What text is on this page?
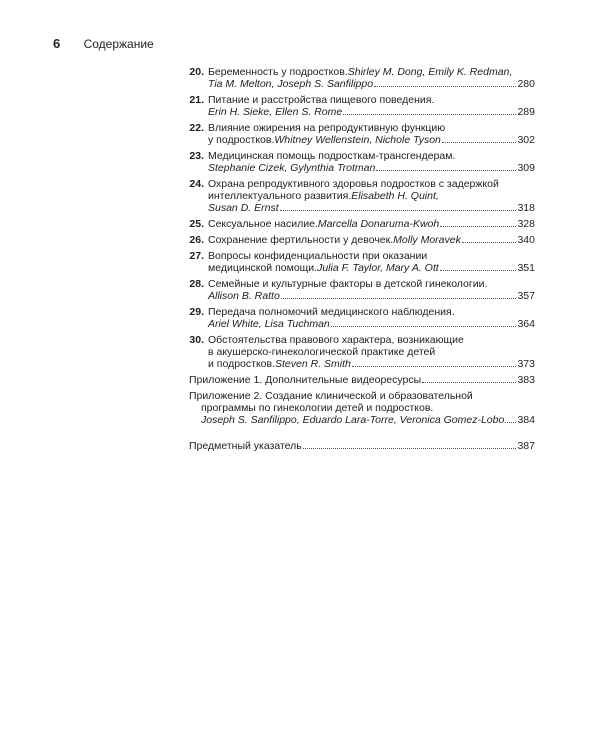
6 Содержание
20. Беременность у подростков. Shirley M. Dong, Emily K. Redman,
Tia M. Melton, Joseph S. Sanfilippo	280
21. Питание и расстройства пищевого поведения.
Erin H. Sieke, Ellen S. Rome	289
22. Влияние ожирения на репродуктивную функцию
у подростков. Whitney Wellenstein, Nichole Tyson	302
23. Медицинская помощь подросткам-трансгендерам.
Stephanie Cizek, Gylynthia Trotman	309
24. Охрана репродуктивного здоровья подростков с задержкой
интеллектуального развития. Elisabeth H. Quint,
Susan D. Ernst	318
25. Сексуальное насилие. Marcella Donaruma-Kwoh	328
26. Сохранение фертильности у девочек. Molly Moravek	340
27. Вопросы конфиденциальности при оказании
медицинской помощи. Julia F. Taylor, Mary A. Ott	351
28. Семейные и культурные факторы в детской гинекологии.
Allison B. Ratto	357
29. Передача полномочий медицинского наблюдения.
Ariel White, Lisa Tuchman	364
30. Обстоятельства правового характера, возникающие
в акушерско-гинекологической практике детей
и подростков. Steven R. Smith	373
Приложение 1. Дополнительные видеоресурсы	383
Приложение 2. Создание клинической и образовательной
программы по гинекологии детей и подростков.
Joseph S. Sanfilippo, Eduardo Lara-Torre, Veronica Gomez-Lobo 384
Предметный указатель	387
